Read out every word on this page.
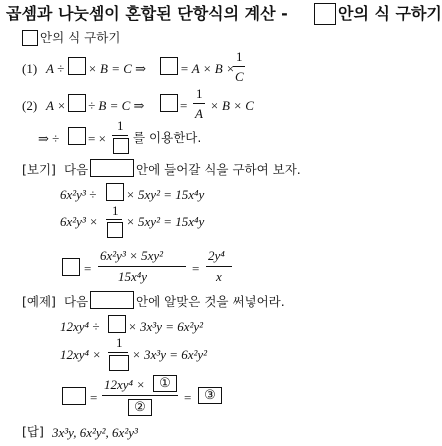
곱셈과 나눗셈이 혼합된 단항식의 계산 -	안의 식 구하기
안의 식 구하기
(1) A ÷ × B = C ⇒	= A × B ×
1
C
(2) A × ÷ B = C ⇒	=
1
A
× B × C
⇒ ÷ = ×
1
를 이용한다.
[보기] 다음	안에 들어갈 식을 구하여 보자.
6x²y³ ÷ × 5xy² = 15x⁴y
6x²y³ ×
1
× 5xy² = 15x⁴y
=
6x²y³ × 5xy²
15x⁴y
=
2y⁴
x
[예제] 다음	안에 알맞은 것을 써넣어라.
12xy⁴ ÷ × 3x³y = 6x²y²
12xy⁴ ×
1
× 3x³y = 6x²y²
=
12xy⁴ ×	①
②
= ③
[답] 3x³y, 6x²y², 6x²y³
